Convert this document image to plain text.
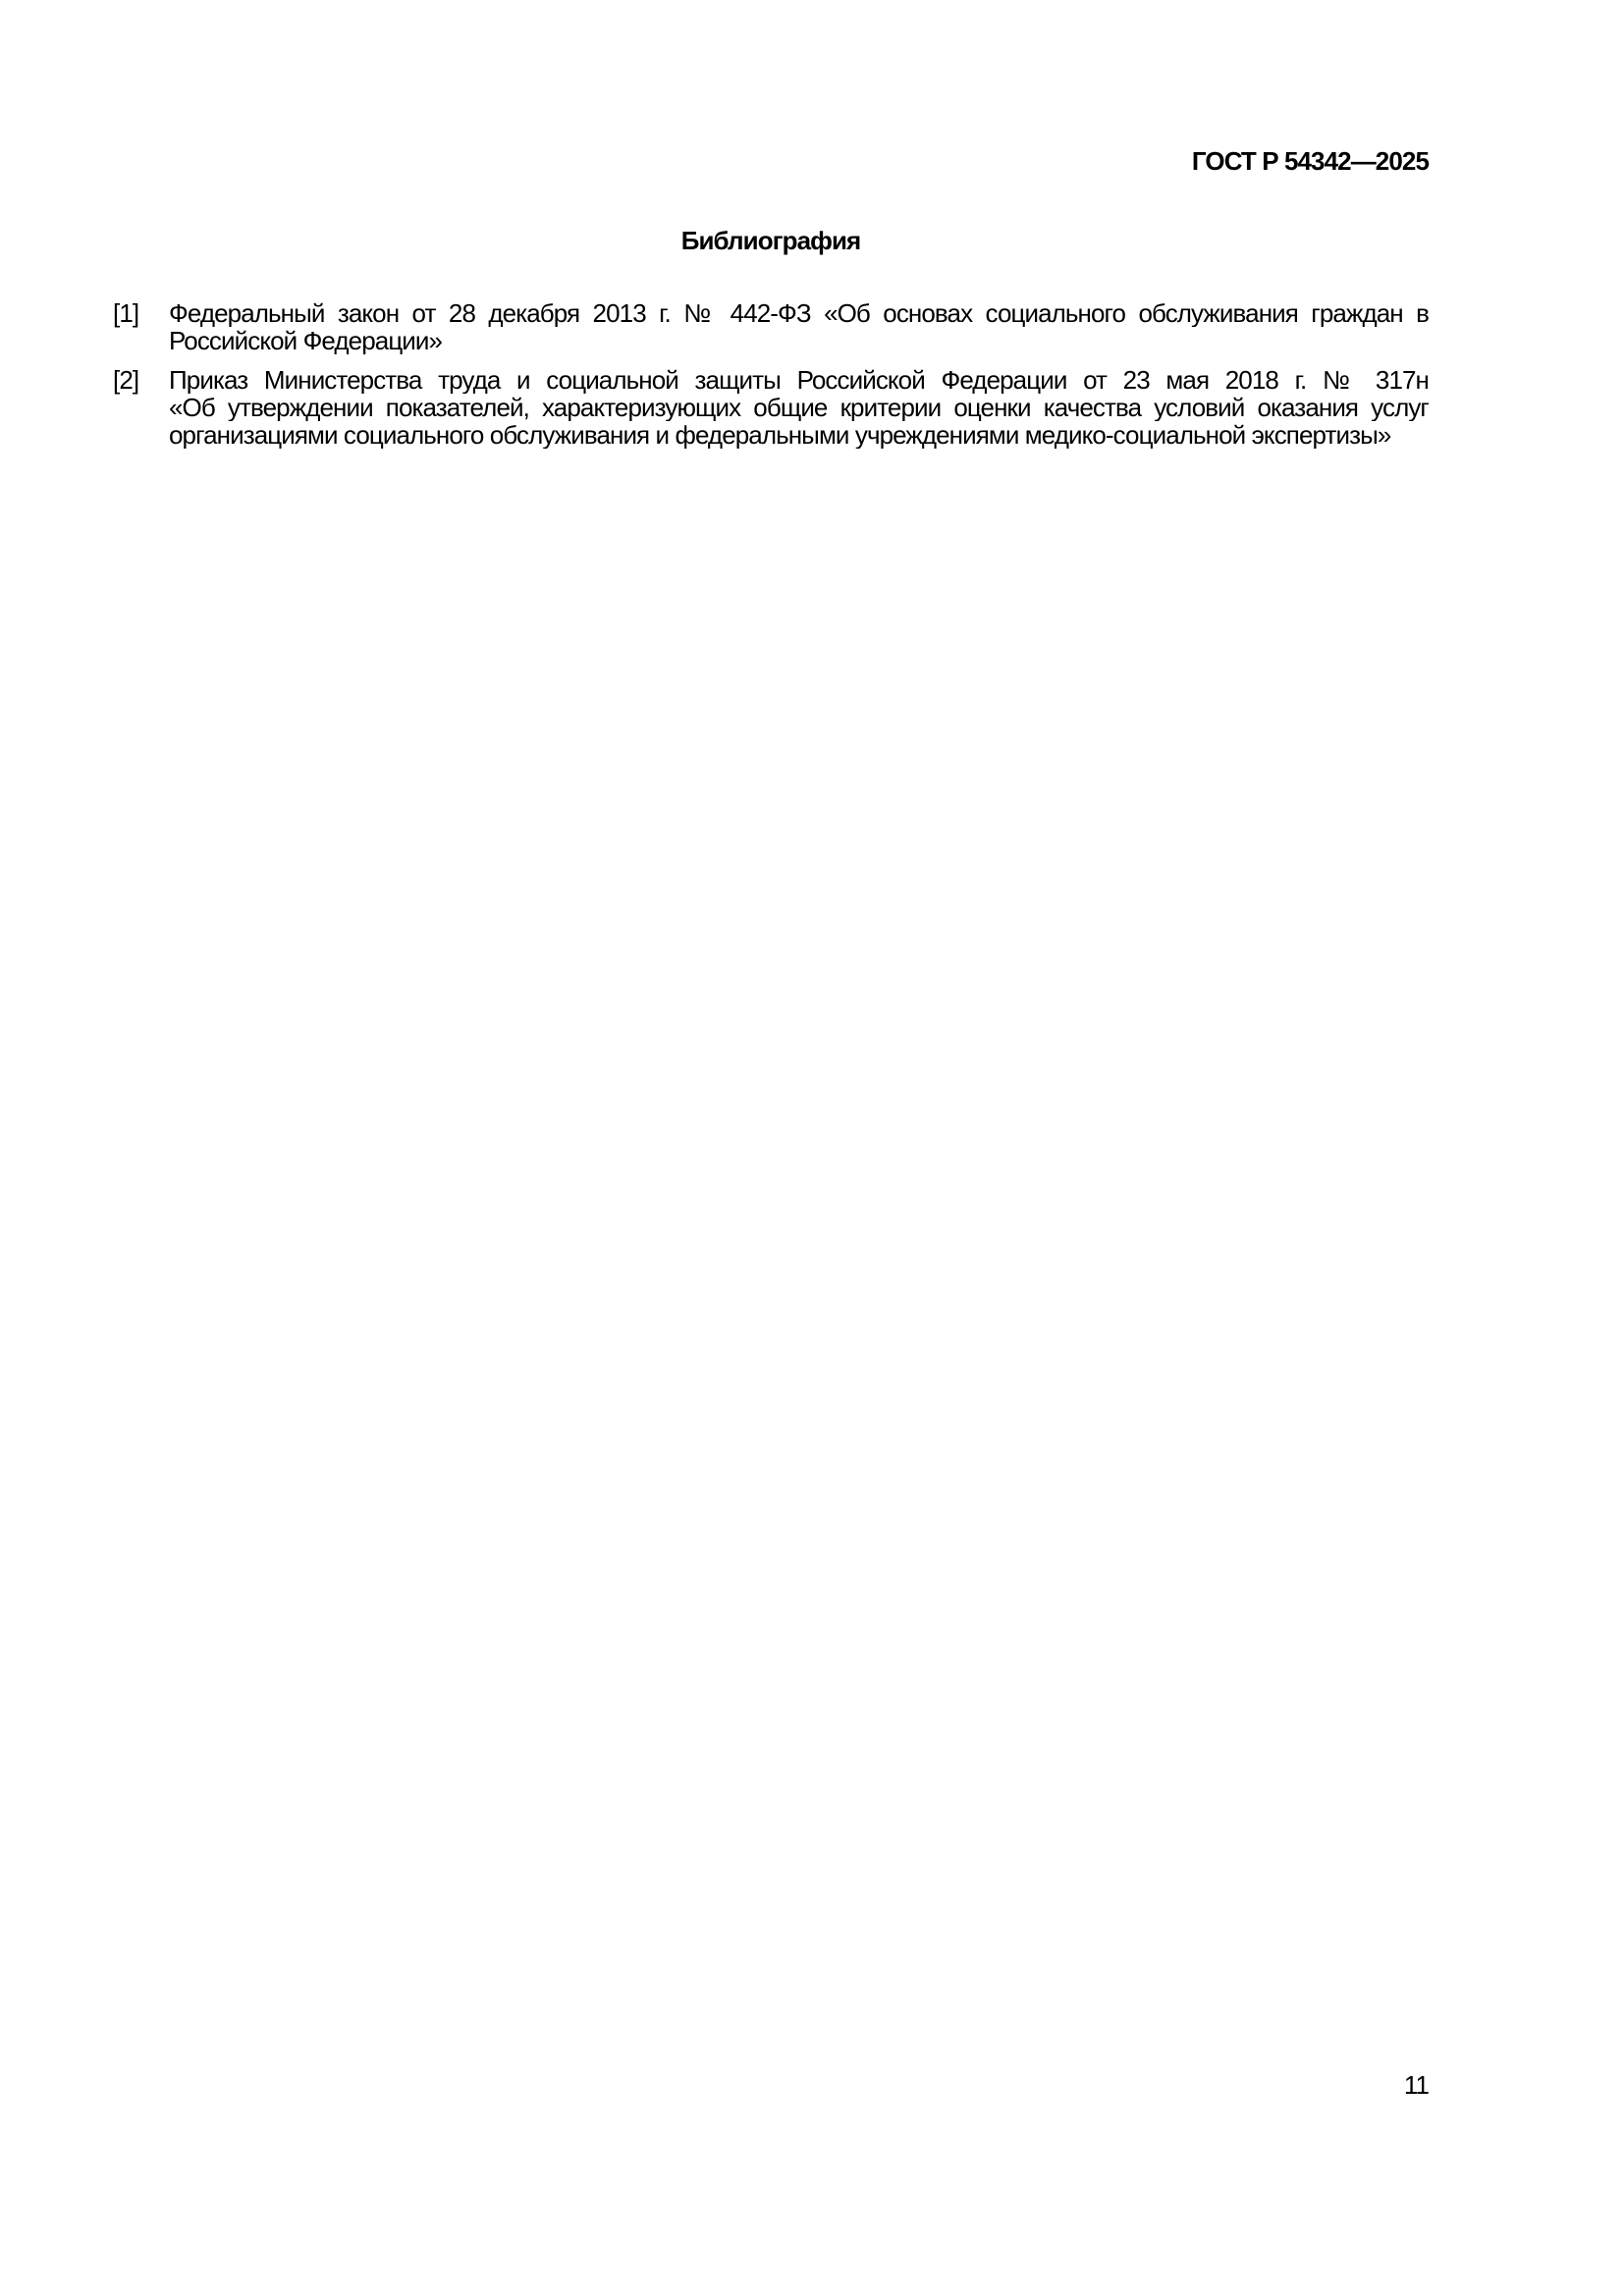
ГОСТ Р 54342—2025
Библиография
[1]	Федеральный закон от 28 декабря 2013 г. № 442-ФЗ «Об основах социального обслуживания граждан в
Российской Федерации»
[2]	Приказ Министерства труда и социальной защиты Российской Федерации от 23 мая 2018 г. № 317н
«Об утверждении показателей, характеризующих общие критерии оценки качества условий оказания услуг
организациями социального обслуживания и федеральными учреждениями медико-социальной экспертизы»
11
